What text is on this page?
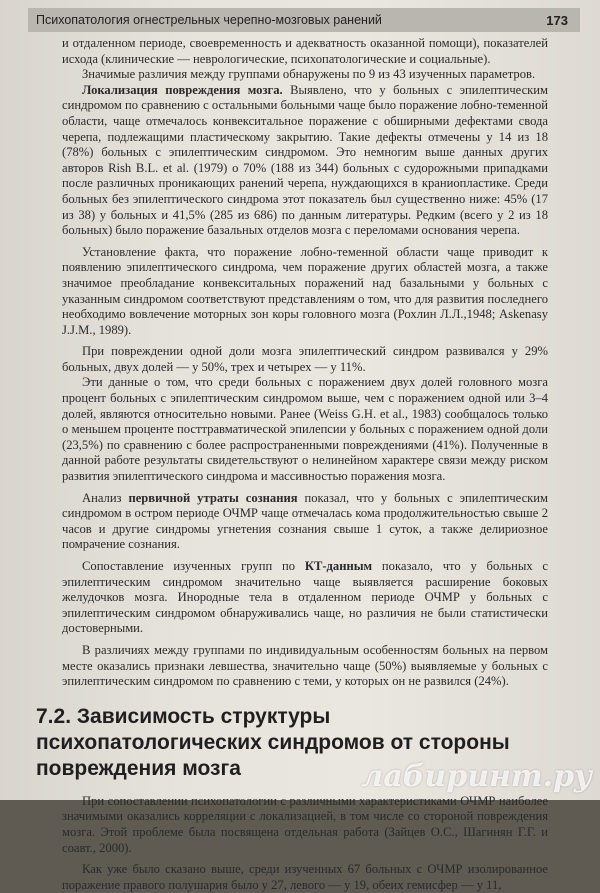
Психопатология огнестрельных черепно-мозговых ранений	173

и отдаленном периоде, своевременность и адекватность оказанной помощи), показателей исхода (клинические — неврологические, психопатологические и социальные).

Значимые различия между группами обнаружены по 9 из 43 изученных параметров.

Локализация повреждения мозга. Выявлено, что у больных с эпилептическим синдромом по сравнению с остальными больными чаще было поражение лобно-теменной области, чаще отмечалось конвекситальное поражение с обширными дефектами свода черепа, подлежащими пластическому закрытию. Такие дефекты отмечены у 14 из 18 (78%) больных с эпилептическим синдромом. Это немногим выше данных других авторов Rish B.L. et al. (1979) о 70% (188 из 344) больных с судорожными припадками после различных проникающих ранений черепа, нуждающихся в краниопластике. Среди больных без эпилептического синдрома этот показатель был существенно ниже: 45% (17 из 38) у больных и 41,5% (285 из 686) по данным литературы. Редким (всего у 2 из 18 больных) было поражение базальных отделов мозга с переломами основания черепа.

Установление факта, что поражение лобно-теменной области чаще приводит к появлению эпилептического синдрома, чем поражение других областей мозга, а также значимое преобладание конвекситальных поражений над базальными у больных с указанным синдромом соответствуют представлениям о том, что для развития последнего необходимо вовлечение моторных зон коры головного мозга (Рохлин Л.Л.,1948; Askenasy J.J.M., 1989).

При повреждении одной доли мозга эпилептический синдром развивался у 29% больных, двух долей — у 50%, трех и четырех — у 11%.

Эти данные о том, что среди больных с поражением двух долей головного мозга процент больных с эпилептическим синдромом выше, чем с поражением одной или 3–4 долей, являются относительно новыми. Ранее (Weiss G.H. et al., 1983) сообщалось только о меньшем проценте посттравматической эпилепсии у больных с поражением одной доли (23,5%) по сравнению с более распространенными повреждениями (41%). Полученные в данной работе результаты свидетельствуют о нелинейном характере связи между риском развития эпилептического синдрома и массивностью поражения мозга.

Анализ первичной утраты сознания показал, что у больных с эпилептическим синдромом в остром периоде ОЧМР чаще отмечалась кома продолжительностью свыше 2 часов и другие синдромы угнетения сознания свыше 1 суток, а также делириозное помрачение сознания.

Сопоставление изученных групп по КТ-данным показало, что у больных с эпилептическим синдромом значительно чаще выявляется расширение боковых желудочков мозга. Инородные тела в отдаленном периоде ОЧМР у больных с эпилептическим синдромом обнаруживались чаще, но различия не были статистически достоверными.

В различиях между группами по индивидуальным особенностям больных на первом месте оказались признаки левшества, значительно чаще (50%) выявляемые у больных с эпилептическим синдромом по сравнению с теми, у которых он не развился (24%).

7.2. Зависимость структуры психопатологических синдромов от стороны повреждения мозга

При сопоставлении психопатологии с различными характеристиками ОЧМР наиболее значимыми оказались корреляции с локализацией, в том числе со стороной повреждения мозга. Этой проблеме была посвящена отдельная работа (Зайцев О.С., Шагинян Г.Г. и соавт., 2000).

Как уже было сказано выше, среди изученных 67 больных с ОЧМР изолированное поражение правого полушария было у 27, левого — у 19, обеих гемисфер — у 11,

лабиринт.ру
